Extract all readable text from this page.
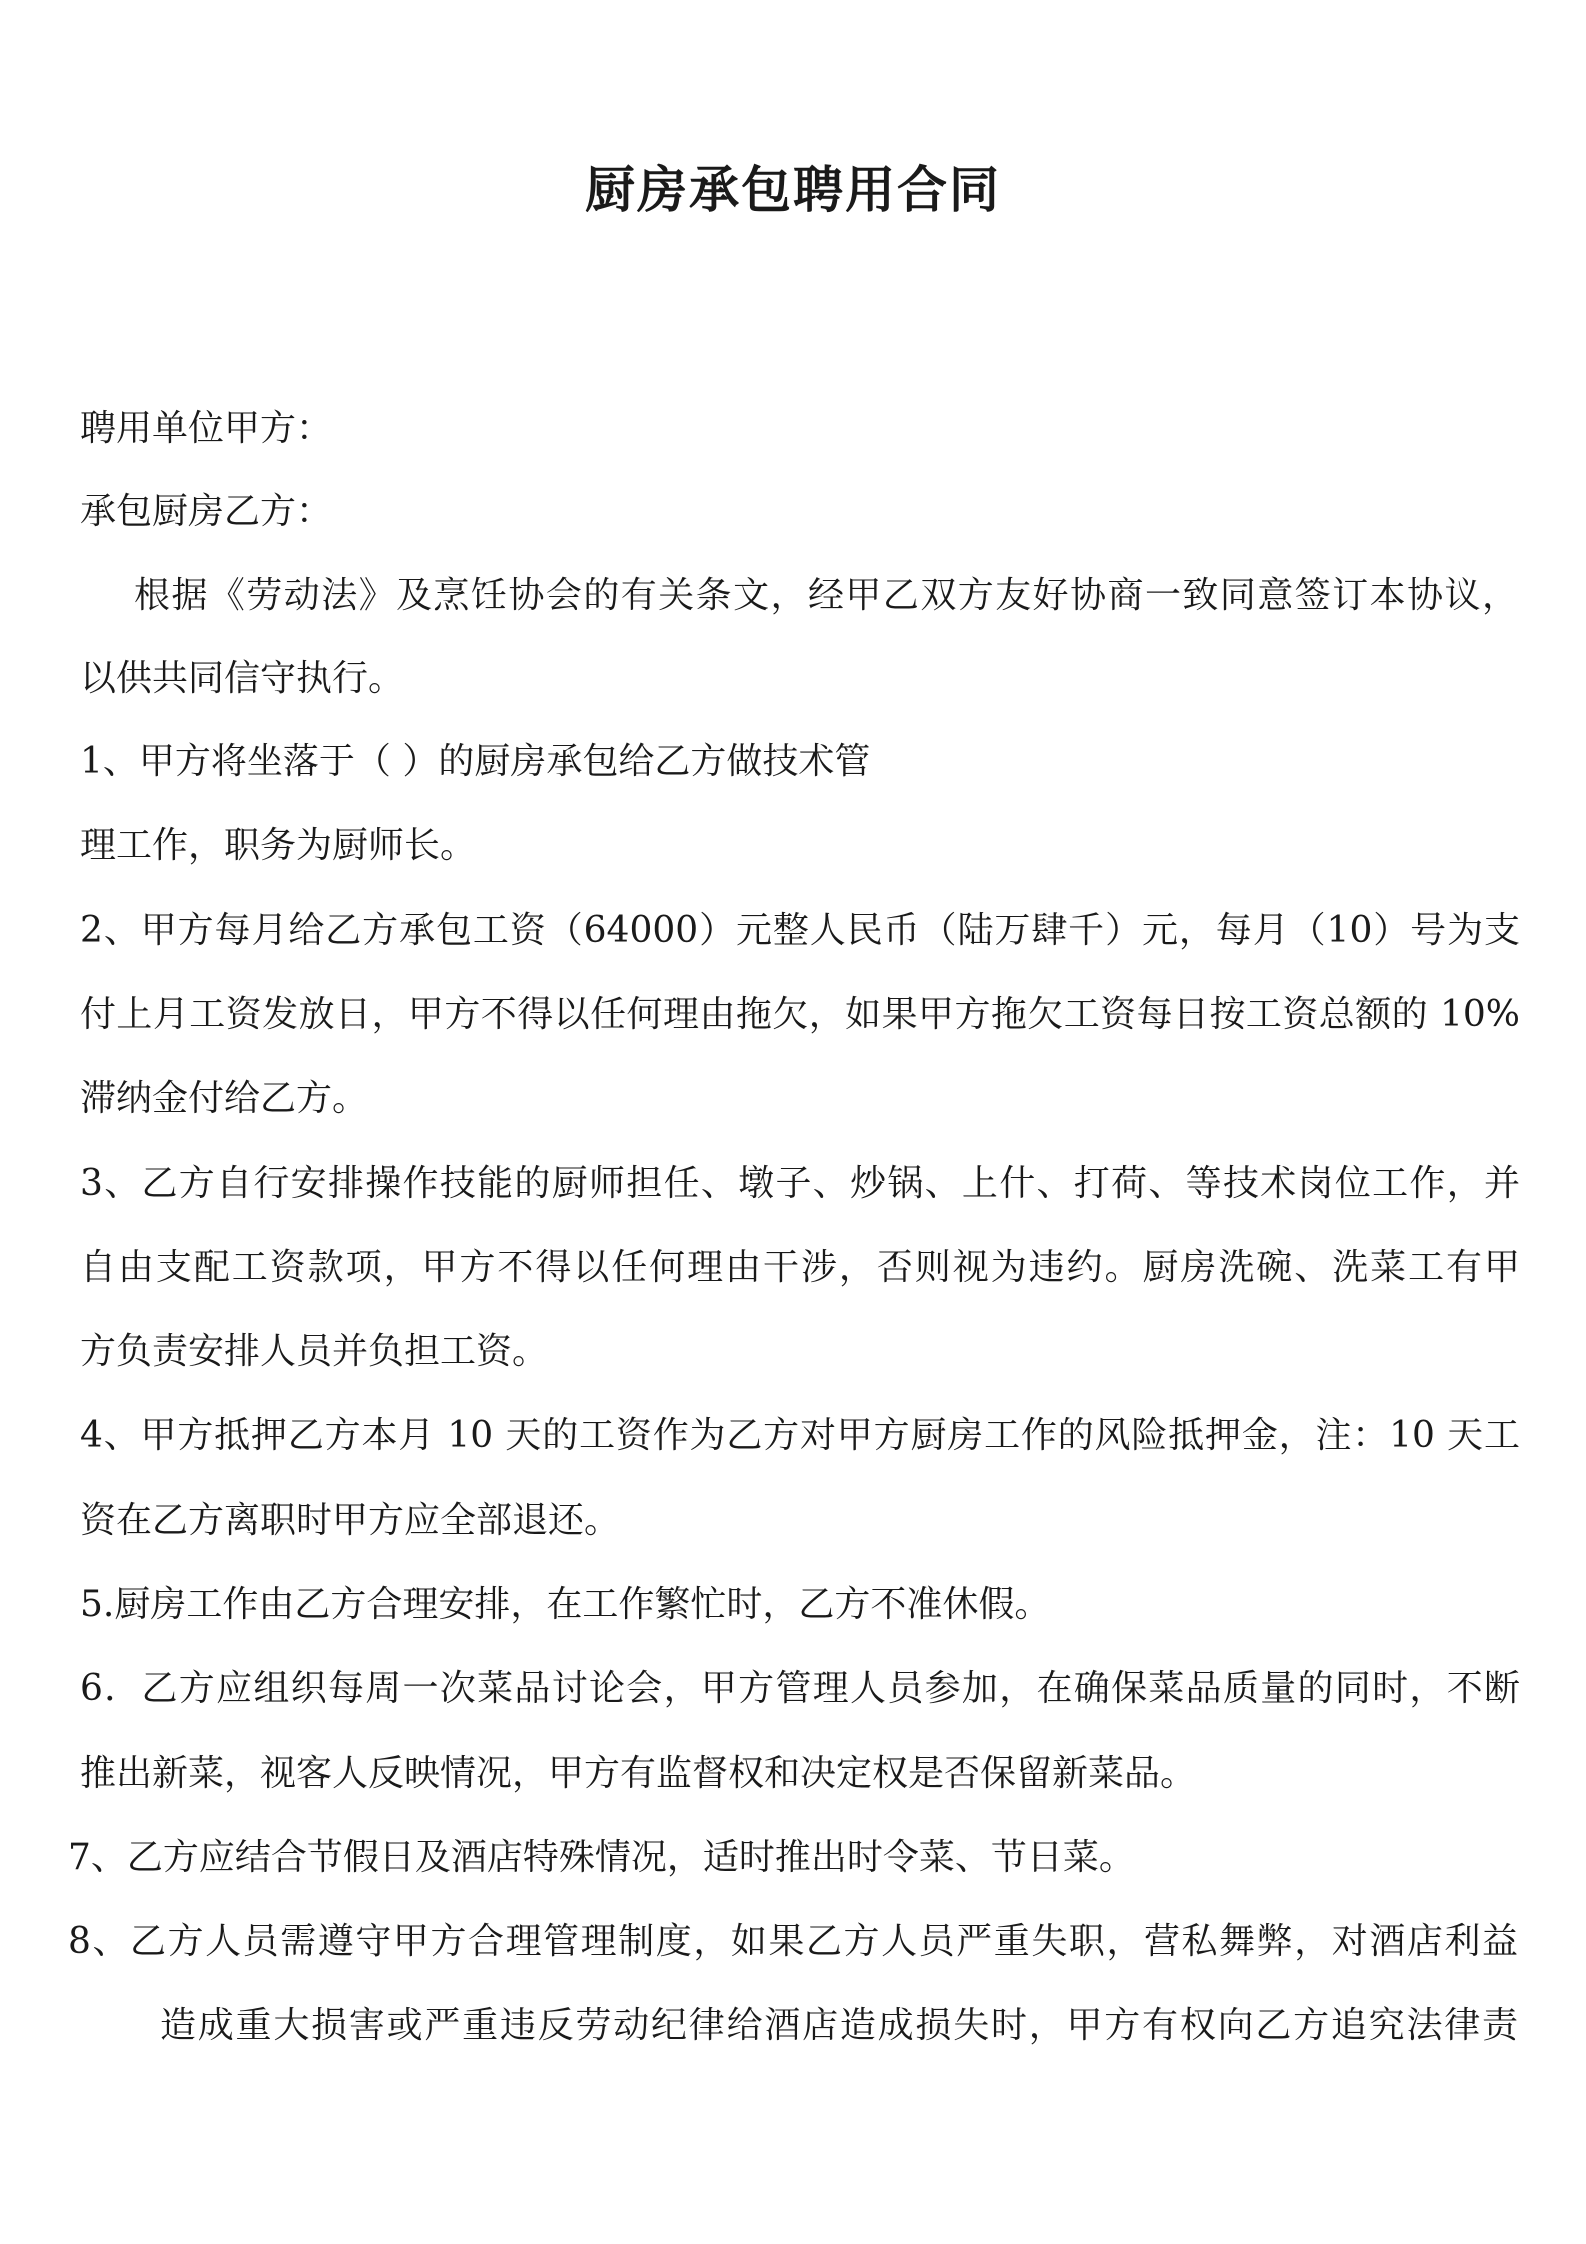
厨房承包聘用合同
聘用单位甲方：
承包厨房乙方：
根据《劳动法》及烹饪协会的有关条文，经甲乙双方友好协商一致同意签订本协议，
以供共同信守执行。
1、甲方将坐落于（ ）的厨房承包给乙方做技术管
理工作，职务为厨师长。
2、甲方每月给乙方承包工资（64000）元整人民币（陆万肆千）元，每月（10）号为支
付上月工资发放日，甲方不得以任何理由拖欠，如果甲方拖欠工资每日按工资总额的 10%
滞纳金付给乙方。
3、乙方自行安排操作技能的厨师担任、墩子、炒锅、上什、打荷、等技术岗位工作，并
自由支配工资款项，甲方不得以任何理由干涉，否则视为违约。厨房洗碗、洗菜工有甲
方负责安排人员并负担工资。
4、甲方抵押乙方本月 10 天的工资作为乙方对甲方厨房工作的风险抵押金，注：10 天工
资在乙方离职时甲方应全部退还。
5.厨房工作由乙方合理安排，在工作繁忙时，乙方不准休假。
6．乙方应组织每周一次菜品讨论会，甲方管理人员参加，在确保菜品质量的同时，不断
推出新菜，视客人反映情况，甲方有监督权和决定权是否保留新菜品。
7、乙方应结合节假日及酒店特殊情况，适时推出时令菜、节日菜。
8、乙方人员需遵守甲方合理管理制度，如果乙方人员严重失职，营私舞弊，对酒店利益
造成重大损害或严重违反劳动纪律给酒店造成损失时，甲方有权向乙方追究法律责
